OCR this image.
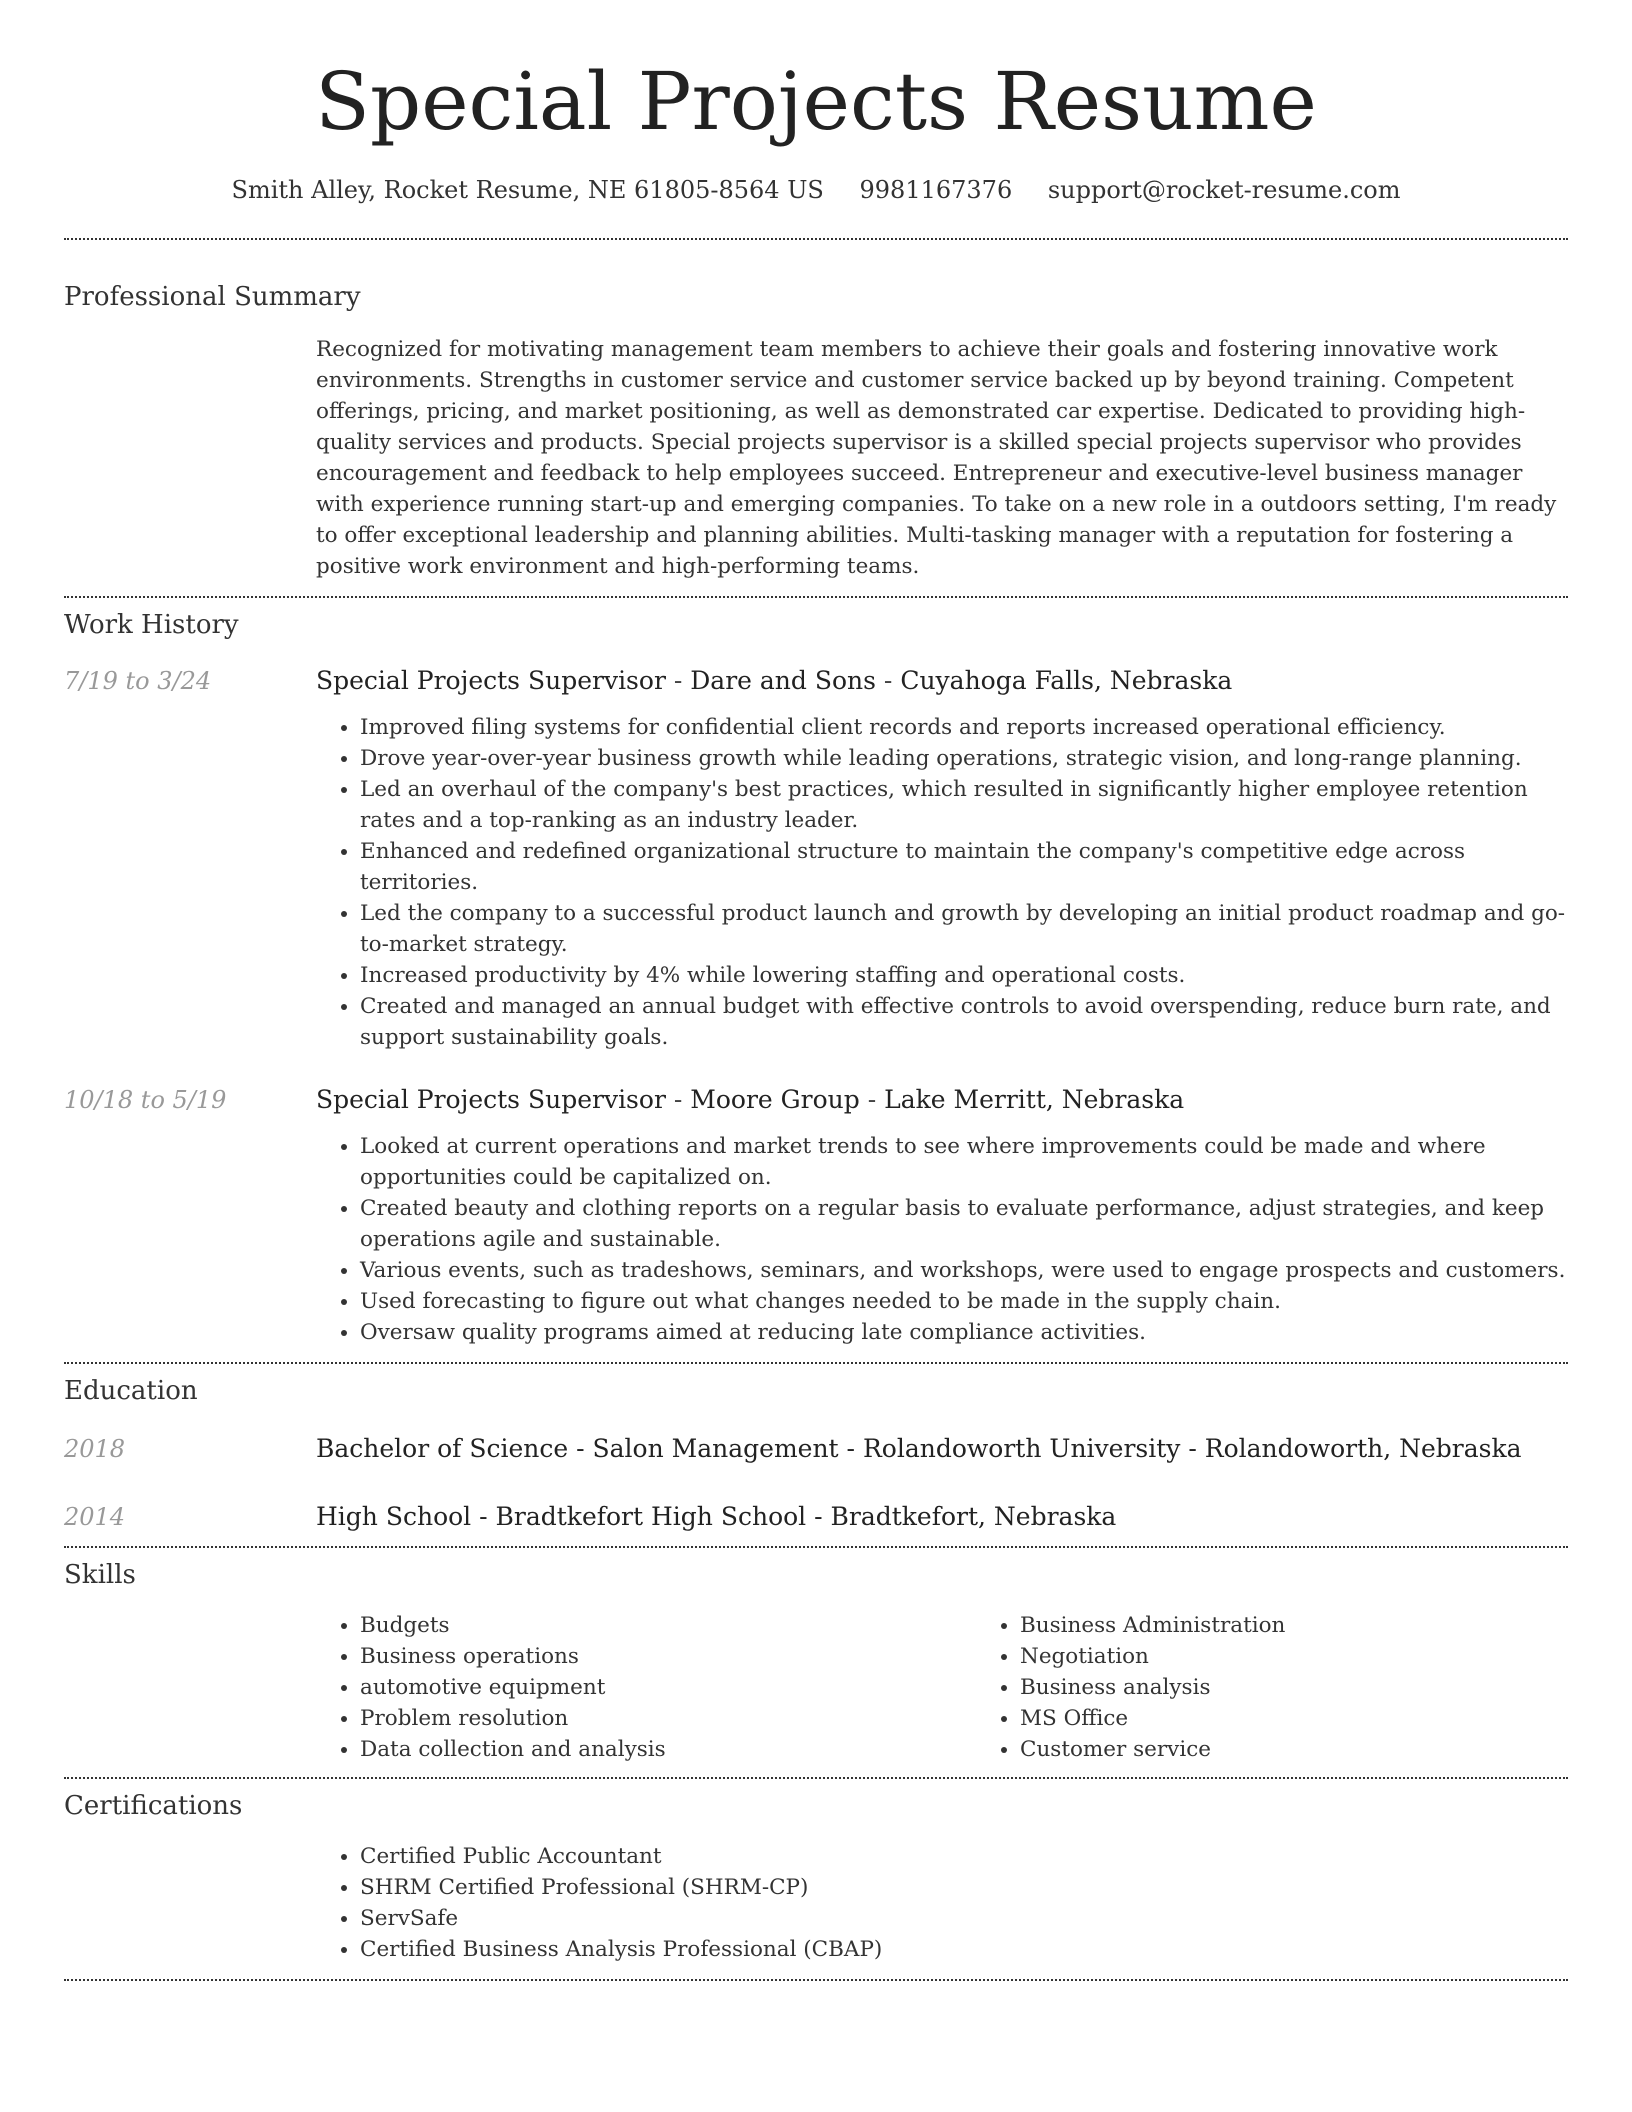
Special Projects Resume
Smith Alley, Rocket Resume, NE 61805-8564 US 9981167376 support@rocket-resume.com
Professional Summary

Recognized for motivating management team members to achieve their goals and fostering innovative work environments. Strengths in customer service and customer service backed up by beyond training. Competent offerings, pricing, and market positioning, as well as demonstrated car expertise. Dedicated to providing high-quality services and products. Special projects supervisor is a skilled special projects supervisor who provides encouragement and feedback to help employees succeed. Entrepreneur and executive-level business manager with experience running start-up and emerging companies. To take on a new role in a outdoors setting, I'm ready to offer exceptional leadership and planning abilities. Multi-tasking manager with a reputation for fostering a positive work environment and high-performing teams.

Work History
7/19 to 3/24	Special Projects Supervisor - Dare and Sons - Cuyahoga Falls, Nebraska
• Improved filing systems for confidential client records and reports increased operational efficiency.
• Drove year-over-year business growth while leading operations, strategic vision, and long-range planning.
• Led an overhaul of the company's best practices, which resulted in significantly higher employee retention rates and a top-ranking as an industry leader.
• Enhanced and redefined organizational structure to maintain the company's competitive edge across territories.
• Led the company to a successful product launch and growth by developing an initial product roadmap and go-to-market strategy.
• Increased productivity by 4% while lowering staffing and operational costs.
• Created and managed an annual budget with effective controls to avoid overspending, reduce burn rate, and support sustainability goals.
10/18 to 5/19	Special Projects Supervisor - Moore Group - Lake Merritt, Nebraska
• Looked at current operations and market trends to see where improvements could be made and where opportunities could be capitalized on.
• Created beauty and clothing reports on a regular basis to evaluate performance, adjust strategies, and keep operations agile and sustainable.
• Various events, such as tradeshows, seminars, and workshops, were used to engage prospects and customers.
• Used forecasting to figure out what changes needed to be made in the supply chain.
• Oversaw quality programs aimed at reducing late compliance activities.
Education
2018	Bachelor of Science - Salon Management - Rolandoworth University - Rolandoworth, Nebraska
2014	High School - Bradtkefort High School - Bradtkefort, Nebraska
Skills
• Budgets
• Business operations
• automotive equipment
• Problem resolution
• Data collection and analysis
• Business Administration
• Negotiation
• Business analysis
• MS Office
• Customer service
Certifications
• Certified Public Accountant
• SHRM Certified Professional (SHRM-CP)
• ServSafe
• Certified Business Analysis Professional (CBAP)
